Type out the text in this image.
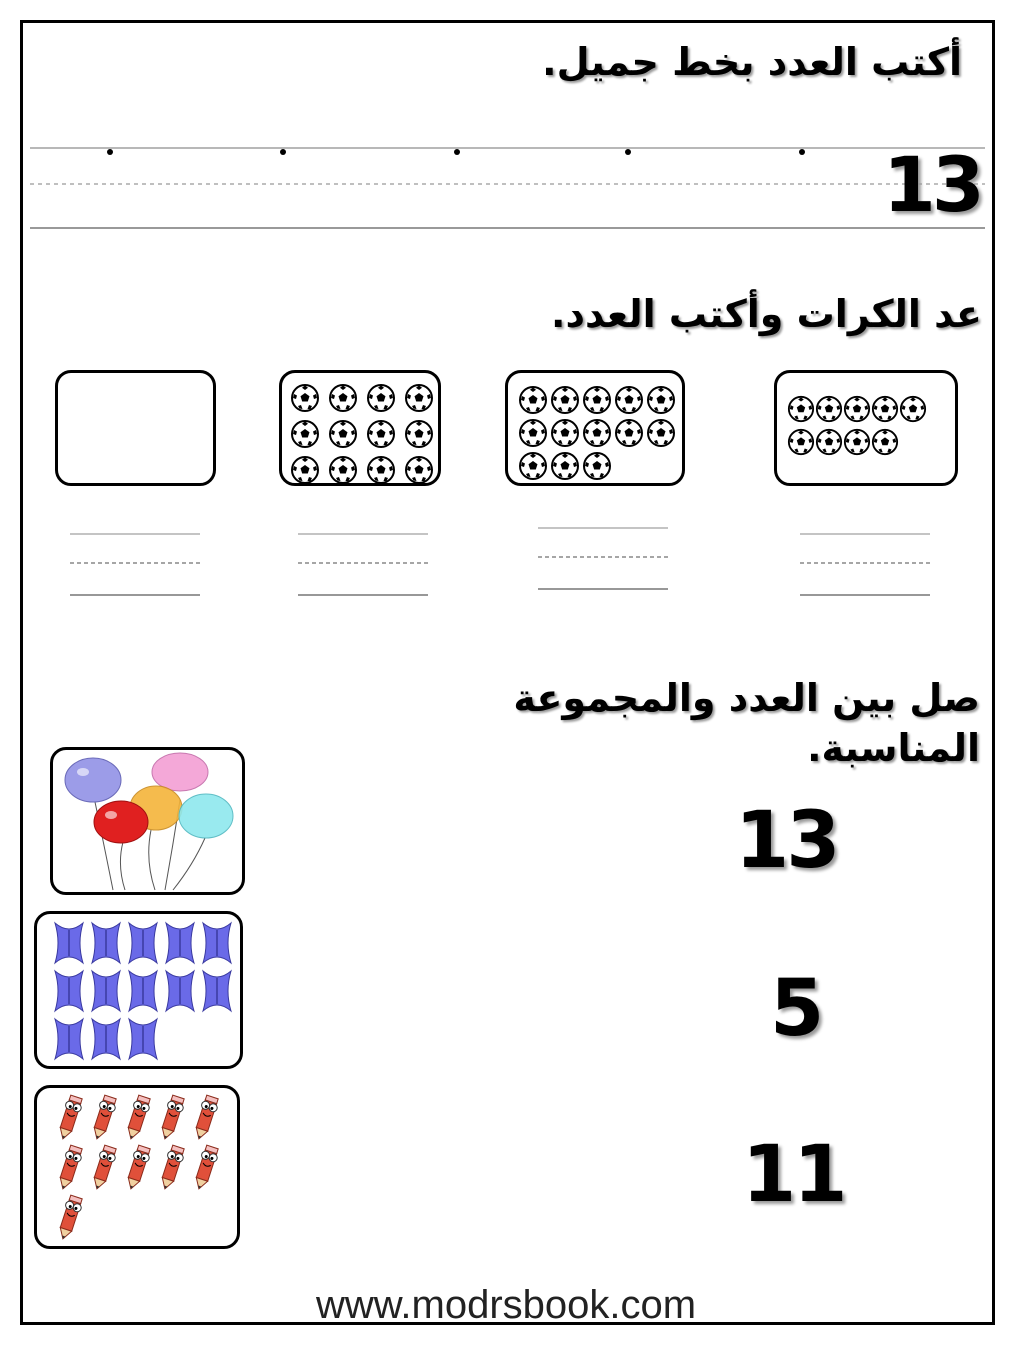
أكتب العدد بخط جميل.
13
عد الكرات وأكتب العدد.
صل بين العدد والمجموعة
المناسبة.
13
5
11
www.modrsbook.com
